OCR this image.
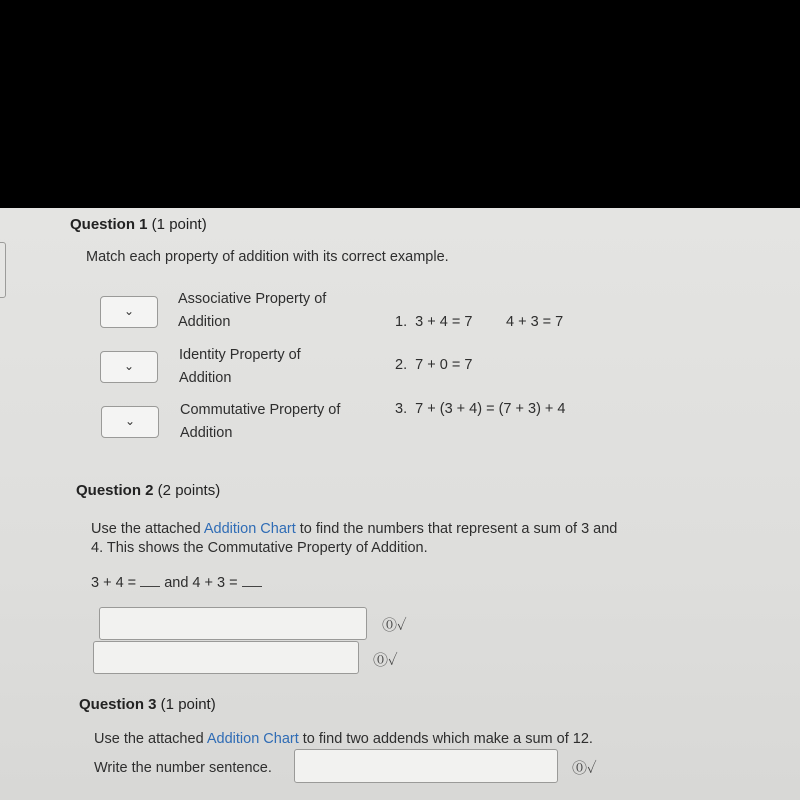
Question 1 (1 point)
Match each property of addition with its correct example.
⌄
Associative Property of
Addition
⌄
Identity Property of
Addition
⌄
Commutative Property of
Addition
1. 3 + 4 = 7 4 + 3 = 7
2. 7 + 0 = 7
3. 7 + (3 + 4) = (7 + 3) + 4
Question 2 (2 points)
Use the attached Addition Chart to find the numbers that represent a sum of 3 and
4. This shows the Commutative Property of Addition.
3 + 4 =  and 4 + 3 =
⓪✓
⓪✓
Question 3 (1 point)
Use the attached Addition Chart to find two addends which make a sum of 12.
Write the number sentence.	⓪✓
